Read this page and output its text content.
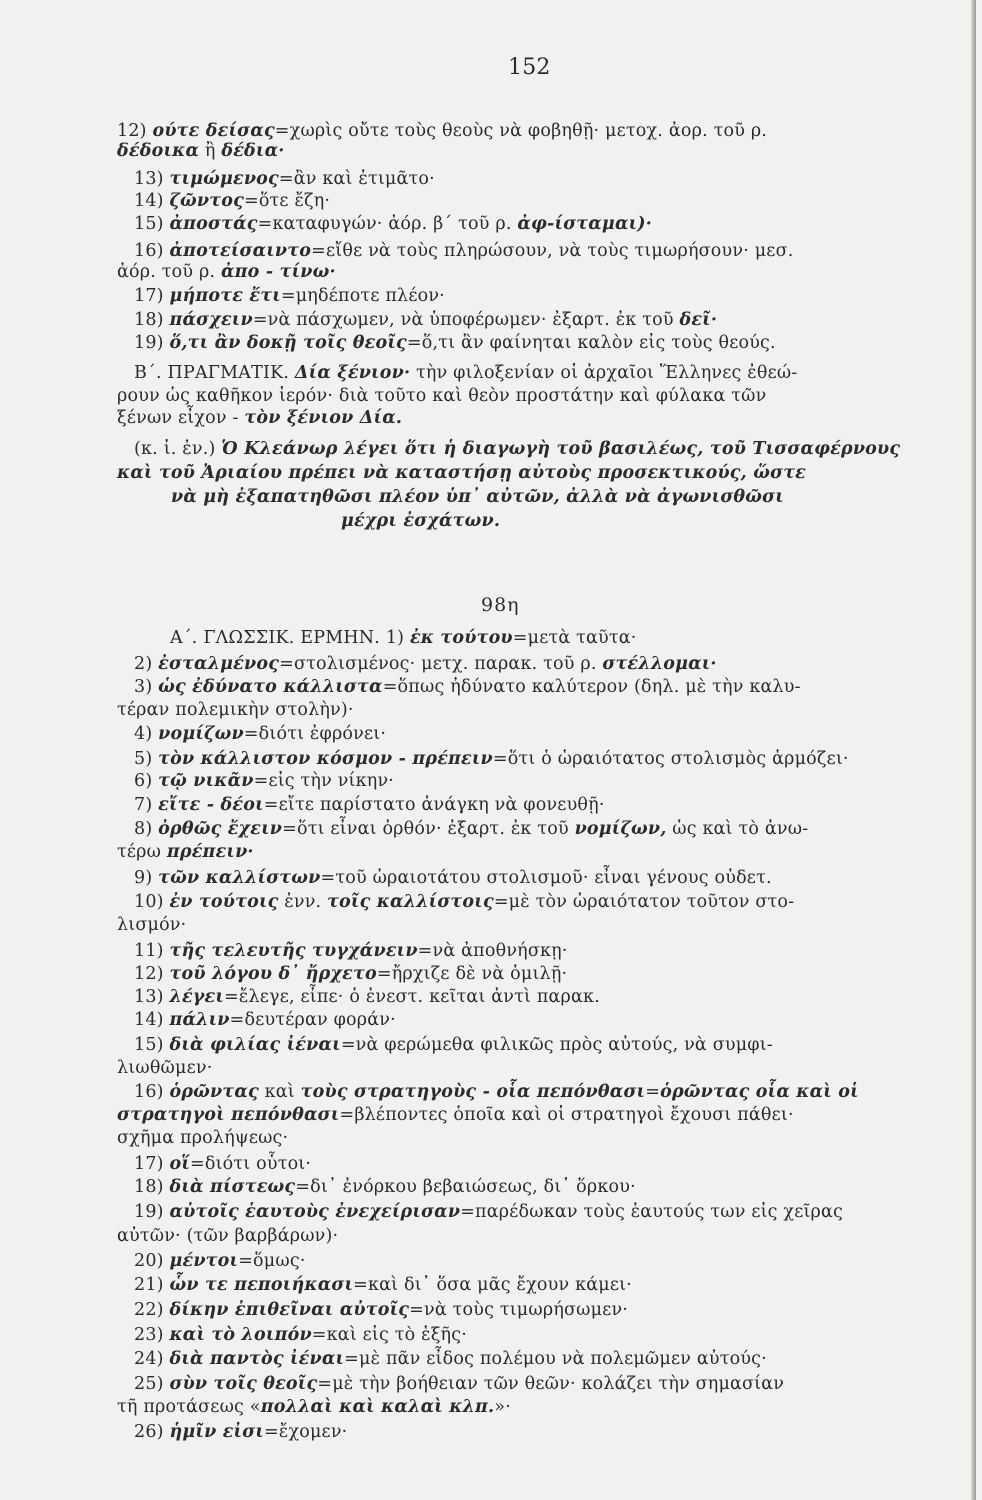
152
98η
12) ούτε δείσας=χωρὶς οὔτε τοὺς θεοὺς νὰ φοβηθῇ· μετοχ. ἀορ. τοῦ ρ.
δέδοικα ἢ δέδια·
13) τιμώμενος=ἂν καὶ ἐτιμᾶτο·
14) ζῶντος=ὅτε ἔζη·
15) ἀποστάς=καταφυγών· ἀόρ. β΄ τοῦ ρ. ἀφ-ίσταμαι)·
16) ἀποτείσαιντο=εἴθε νὰ τοὺς πληρώσουν, νὰ τοὺς τιμωρήσουν· μεσ.
ἀόρ. τοῦ ρ. ἀπο - τίνω·
17) μήποτε ἔτι=μηδέποτε πλέον·
18) πάσχειν=νὰ πάσχωμεν, νὰ ὑποφέρωμεν· ἐξαρτ. ἐκ τοῦ δεῖ·
19) ὅ,τι ἂν δοκῇ τοῖς θεοῖς=ὅ,τι ἂν φαίνηται καλὸν εἰς τοὺς θεούς.
Β΄. ΠΡΑΓΜΑΤΙΚ. Δία ξένιον· τὴν φιλοξενίαν οἱ ἀρχαῖοι Ἕλληνες ἐθεώ-
ρουν ὡς καθῆκον ἱερόν· διὰ τοῦτο καὶ θεὸν προστάτην καὶ φύλακα τῶν
ξένων εἶχον - τὸν ξένιον Δία.
(κ. ἰ. ἐν.) Ὁ Κλεάνωρ λέγει ὅτι ἡ διαγωγὴ τοῦ βασιλέως, τοῦ Τισσαφέρνους
καὶ τοῦ Ἀριαίου πρέπει νὰ καταστήσῃ αὐτοὺς προσεκτικούς, ὥστε
νὰ μὴ ἐξαπατηθῶσι πλέον ὑπ᾽ αὐτῶν, ἀλλὰ νὰ ἀγωνισθῶσι
μέχρι ἐσχάτων.
Α΄. ΓΛΩΣΣΙΚ. ΕΡΜΗΝ. 1) ἐκ τούτου=μετὰ ταῦτα·
2) ἐσταλμένος=στολισμένος· μετχ. παρακ. τοῦ ρ. στέλλομαι·
3) ὡς ἐδύνατο κάλλιστα=ὅπως ἠδύνατο καλύτερον (δηλ. μὲ τὴν καλυ-
τέραν πολεμικὴν στολὴν)·
4) νομίζων=διότι ἐφρόνει·
5) τὸν κάλλιστον κόσμον - πρέπειν=ὅτι ὁ ὡραιότατος στολισμὸς ἁρμόζει·
6) τῷ νικᾶν=εἰς τὴν νίκην·
7) εἴτε - δέοι=εἴτε παρίστατο ἀνάγκη νὰ φονευθῇ·
8) ὀρθῶς ἔχειν=ὅτι εἶναι ὀρθόν· ἐξαρτ. ἐκ τοῦ νομίζων, ὡς καὶ τὸ ἀνω-
τέρω πρέπειν·
9) τῶν καλλίστων=τοῦ ὡραιοτάτου στολισμοῦ· εἶναι γένους οὐδετ.
10) ἐν τούτοις ἐνν. τοῖς καλλίστοις=μὲ τὸν ὡραιότατον τοῦτον στο-
λισμόν·
11) τῆς τελευτῆς τυγχάνειν=νὰ ἀποθνήσκῃ·
12) τοῦ λόγου δ᾽ ἤρχετο=ἤρχιζε δὲ νὰ ὁμιλῇ·
13) λέγει=ἔλεγε, εἶπε· ὁ ἐνεστ. κεῖται ἀντὶ παρακ.
14) πάλιν=δευτέραν φοράν·
15) διὰ φιλίας ἰέναι=νὰ φερώμεθα φιλικῶς πρὸς αὐτούς, νὰ συμφι-
λιωθῶμεν·
16) ὁρῶντας καὶ τοὺς στρατηγοὺς - οἷα πεπόνθασι=ὁρῶντας οἷα καὶ οἱ
στρατηγοὶ πεπόνθασι=βλέποντες ὁποῖα καὶ οἱ στρατηγοὶ ἔχουσι πάθει·
σχῆμα προλήψεως·
17) οἵ=διότι οὗτοι·
18) διὰ πίστεως=δι᾽ ἐνόρκου βεβαιώσεως, δι᾽ ὅρκου·
19) αὐτοῖς ἑαυτοὺς ἐνεχείρισαν=παρέδωκαν τοὺς ἑαυτούς των εἰς χεῖρας
αὐτῶν· (τῶν βαρβάρων)·
20) μέντοι=ὅμως·
21) ὧν τε πεποιήκασι=καὶ δι᾽ ὅσα μᾶς ἔχουν κάμει·
22) δίκην ἐπιθεῖναι αὐτοῖς=νὰ τοὺς τιμωρήσωμεν·
23) καὶ τὸ λοιπόν=καὶ εἰς τὸ ἑξῆς·
24) διὰ παντὸς ἰέναι=μὲ πᾶν εἶδος πολέμου νὰ πολεμῶμεν αὐτούς·
25) σὺν τοῖς θεοῖς=μὲ τὴν βοήθειαν τῶν θεῶν· κολάζει τὴν σημασίαν
τῆ προτάσεως «πολλαὶ καὶ καλαὶ κλπ.»·
26) ἡμῖν εἰσι=ἔχομεν·
